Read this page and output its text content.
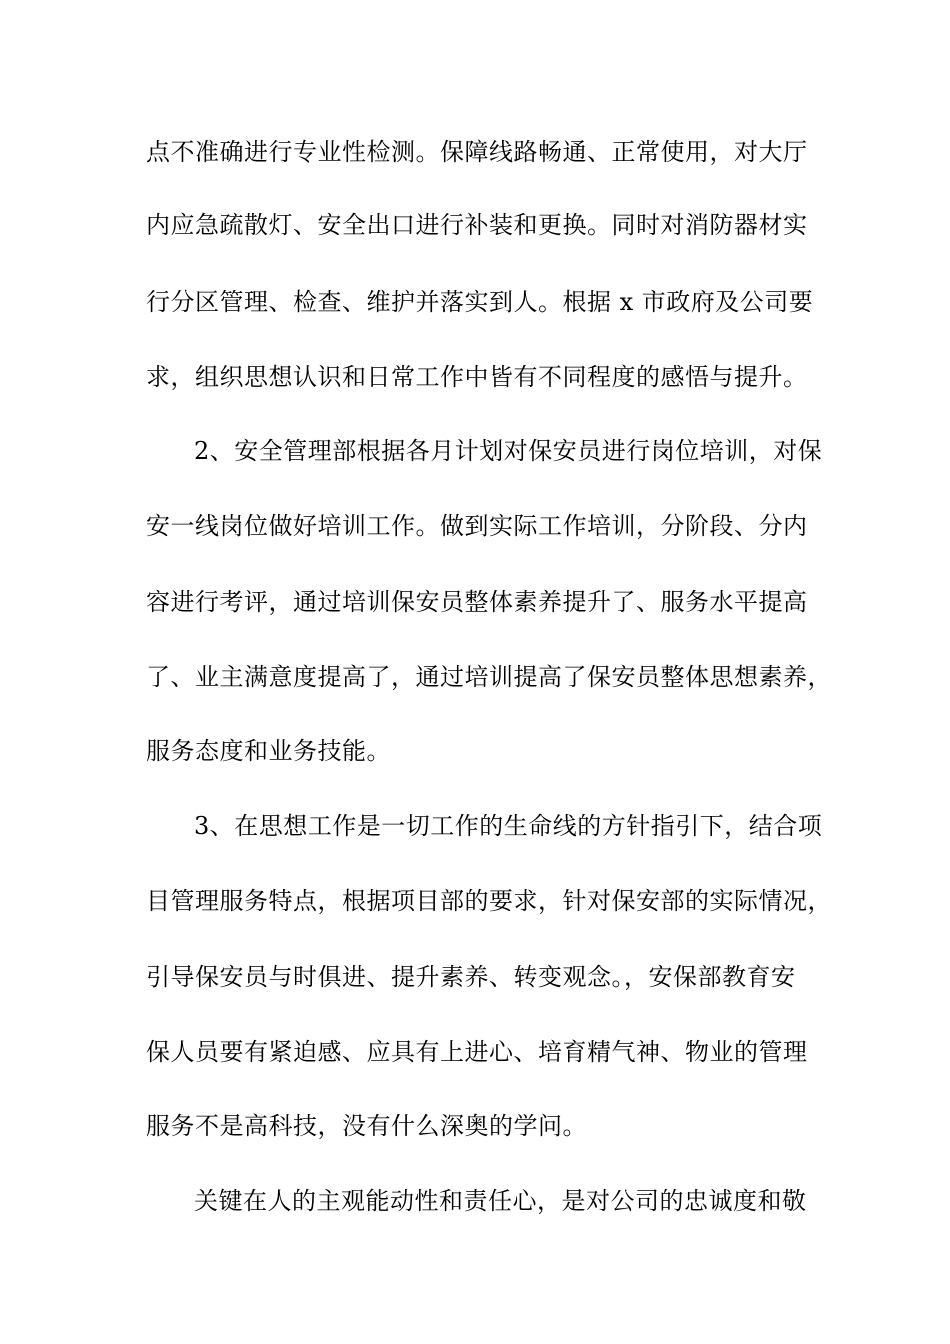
点不准确进行专业性检测。保障线路畅通、正常使用，对大厅
内应急疏散灯、安全出口进行补装和更换。同时对消防器材实
行分区管理、检查、维护并落实到人。根据 x 市政府及公司要
求，组织思想认识和日常工作中皆有不同程度的感悟与提升。
2、安全管理部根据各月计划对保安员进行岗位培训，对保
安一线岗位做好培训工作。做到实际工作培训，分阶段、分内
容进行考评，通过培训保安员整体素养提升了、服务水平提高
了、业主满意度提高了，通过培训提高了保安员整体思想素养，
服务态度和业务技能。
3、在思想工作是一切工作的生命线的方针指引下，结合项
目管理服务特点，根据项目部的要求，针对保安部的实际情况，
引导保安员与时俱进、提升素养、转变观念。，安保部教育安
保人员要有紧迫感、应具有上进心、培育精气神、物业的管理
服务不是高科技，没有什么深奥的学问。
关键在人的主观能动性和责任心，是对公司的忠诚度和敬
